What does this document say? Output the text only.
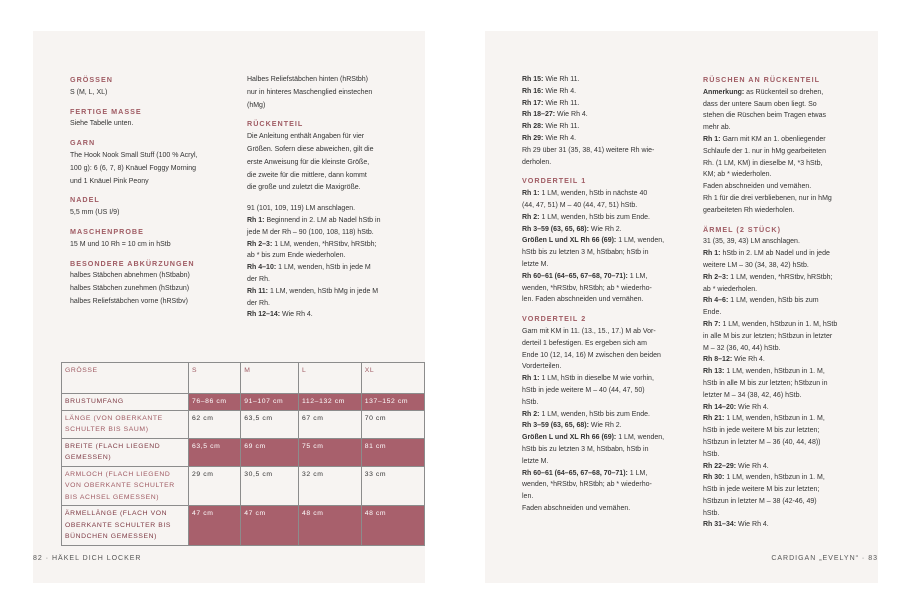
GRÖSSEN
S (M, L, XL)
FERTIGE MASSE
Siehe Tabelle unten.
GARN
The Hook Nook Small Stuff (100 % Acryl,
100 g): 6 (6, 7, 8) Knäuel Foggy Morning
und 1 Knäuel Pink Peony
NADEL
5,5 mm (US I/9)
MASCHENPROBE
15 M und 10 Rh = 10 cm in hStb
BESONDERE ABKÜRZUNGEN
halbes Stäbchen abnehmen (hStbabn)
halbes Stäbchen zunehmen (hStbzun)
halbes Reliefstäbchen vorne (hRStbv)
Halbes Reliefstäbchen hinten (hRStbh)
nur in hinteres Maschenglied einstechen
(hMg)
RÜCKENTEIL
Die Anleitung enthält Angaben für vier
Größen. Sofern diese abweichen, gilt die
erste Anweisung für die kleinste Größe,
die zweite für die mittlere, dann kommt
die große und zuletzt die Maxigröße.
91 (101, 109, 119) LM anschlagen.
Rh 1: Beginnend in 2. LM ab Nadel hStb in
jede M der Rh – 90 (100, 108, 118) hStb.
Rh 2–3: 1 LM, wenden, *hRStbv, hRStbh;
ab * bis zum Ende wiederholen.
Rh 4–10: 1 LM, wenden, hStb in jede M
der Rh.
Rh 11: 1 LM, wenden, hStb hMg in jede M
der Rh.
Rh 12–14: Wie Rh 4.
GRÖSSE	S	M	L	XL
BRUSTUMFANG	76–86 cm	91–107 cm	112–132 cm	137–152 cm
LÄNGE (VON OBERKANTE SCHULTER BIS SAUM)	62 cm	63,5 cm	67 cm	70 cm
BREITE (FLACH LIEGEND GEMESSEN)	63,5 cm	69 cm	75 cm	81 cm
ARMLOCH (FLACH LIEGEND VON OBERKANTE SCHULTER BIS ACHSEL GEMESSEN)	29 cm	30,5 cm	32 cm	33 cm
ÄRMELLÄNGE (FLACH VON OBERKANTE SCHULTER BIS BÜNDCHEN GEMESSEN)	47 cm	47 cm	48 cm	48 cm
82 · HÄKEL DICH LOCKER
Rh 15: Wie Rh 11.
Rh 16: Wie Rh 4.
Rh 17: Wie Rh 11.
Rh 18–27: Wie Rh 4.
Rh 28: Wie Rh 11.
Rh 29: Wie Rh 4.
Rh 29 über 31 (35, 38, 41) weitere Rh wie-
derholen.
VORDERTEIL 1
Rh 1: 1 LM, wenden, hStb in nächste 40
(44, 47, 51) M – 40 (44, 47, 51) hStb.
Rh 2: 1 LM, wenden, hStb bis zum Ende.
Rh 3–59 (63, 65, 68): Wie Rh 2.
Größen L und XL Rh 66 (69): 1 LM, wenden,
hStb bis zu letzten 3 M, hStbabn; hStb in
letzte M.
Rh 60–61 (64–65, 67–68, 70–71): 1 LM,
wenden, *hRStbv, hRStbh; ab * wiederho-
len. Faden abschneiden und vernähen.
VORDERTEIL 2
Garn mit KM in 11. (13., 15., 17.) M ab Vor-
derteil 1 befestigen. Es ergeben sich am
Ende 10 (12, 14, 16) M zwischen den beiden
Vorderteilen.
Rh 1: 1 LM, hStb in dieselbe M wie vorhin,
hStb in jede weitere M – 40 (44, 47, 50)
hStb.
Rh 2: 1 LM, wenden, hStb bis zum Ende.
Rh 3–59 (63, 65, 68): Wie Rh 2.
Größen L und XL Rh 66 (69): 1 LM, wenden,
hStb bis zu letzten 3 M, hStbabn, hStb in
letzte M.
Rh 60–61 (64–65, 67–68, 70–71): 1 LM,
wenden, *hRStbv, hRStbh; ab * wiederho-
len.
Faden abschneiden und vernähen.
RÜSCHEN AN RÜCKENTEIL
Anmerkung: as Rückenteil so drehen,
dass der untere Saum oben liegt. So
stehen die Rüschen beim Tragen etwas
mehr ab.
Rh 1: Garn mit KM an 1. obenliegender
Schlaufe der 1. nur in hMg gearbeiteten
Rh. (1 LM, KM) in dieselbe M, *3 hStb,
KM; ab * wiederholen.
Faden abschneiden und vernähen.
Rh 1 für die drei verbliebenen, nur in hMg
gearbeiteten Rh wiederholen.
ÄRMEL (2 STÜCK)
31 (35, 39, 43) LM anschlagen.
Rh 1: hStb in 2. LM ab Nadel und in jede
weitere LM – 30 (34, 38, 42) hStb.
Rh 2–3: 1 LM, wenden, *hRStbv, hRStbh;
ab * wiederholen.
Rh 4–6: 1 LM, wenden, hStb bis zum
Ende.
Rh 7: 1 LM, wenden, hStbzun in 1. M, hStb
in alle M bis zur letzten; hStbzun in letzter
M – 32 (36, 40, 44) hStb.
Rh 8–12: Wie Rh 4.
Rh 13: 1 LM, wenden, hStbzun in 1. M,
hStb in alle M bis zur letzten; hStbzun in
letzter M – 34 (38, 42, 46) hStb.
Rh 14–20: Wie Rh 4.
Rh 21: 1 LM, wenden, hStbzun in 1. M,
hStb in jede weitere M bis zur letzten;
hStbzun in letzter M – 36 (40, 44, 48))
hStb.
Rh 22–29: Wie Rh 4.
Rh 30: 1 LM, wenden, hStbzun in 1. M,
hStb in jede weitere M bis zur letzten;
hStbzun in letzter M – 38 (42-46, 49)
hStb.
Rh 31–34: Wie Rh 4.
CARDIGAN „EVELYN“ · 83
